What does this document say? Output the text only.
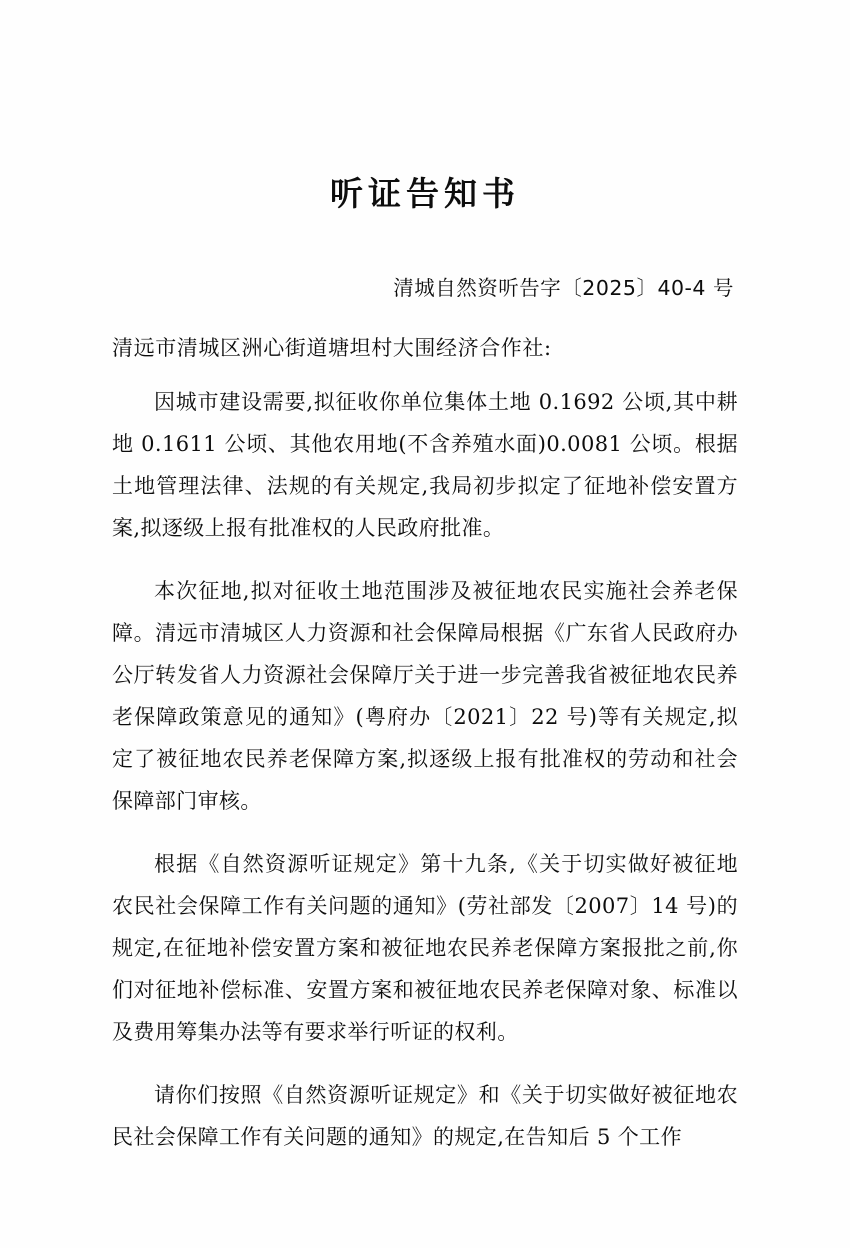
听证告知书
清城自然资听告字〔2025〕40-4 号
清远市清城区洲心街道塘坦村大围经济合作社:

因城市建设需要,拟征收你单位集体土地 0.1692 公顷,其中耕地 0.1611 公顷、其他农用地(不含养殖水面)0.0081 公顷。根据土地管理法律、法规的有关规定,我局初步拟定了征地补偿安置方案,拟逐级上报有批准权的人民政府批准。

本次征地,拟对征收土地范围涉及被征地农民实施社会养老保障。清远市清城区人力资源和社会保障局根据《广东省人民政府办公厅转发省人力资源社会保障厅关于进一步完善我省被征地农民养老保障政策意见的通知》(粤府办〔2021〕22 号)等有关规定,拟定了被征地农民养老保障方案,拟逐级上报有批准权的劳动和社会保障部门审核。

根据《自然资源听证规定》第十九条,《关于切实做好被征地农民社会保障工作有关问题的通知》(劳社部发〔2007〕14 号)的规定,在征地补偿安置方案和被征地农民养老保障方案报批之前,你们对征地补偿标准、安置方案和被征地农民养老保障对象、标准以及费用筹集办法等有要求举行听证的权利。

请你们按照《自然资源听证规定》和《关于切实做好被征地农民社会保障工作有关问题的通知》的规定,在告知后 5 个工作
